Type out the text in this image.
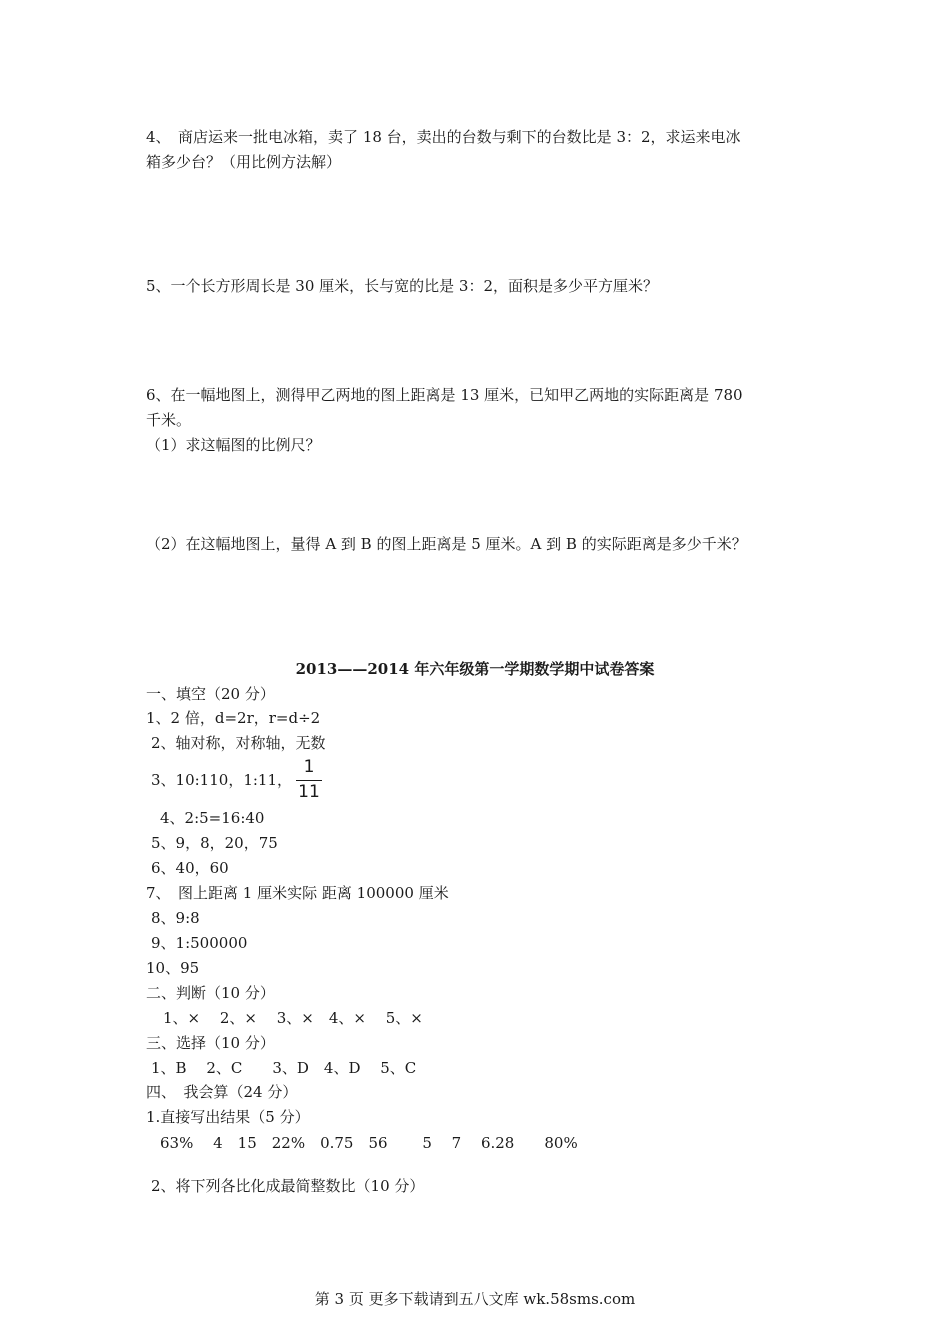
4、　商店运来一批电冰箱，卖了 18 台，卖出的台数与剩下的台数比是 3：2，求运来电冰
箱多少台？（用比例方法解）
5、一个长方形周长是 30 厘米，长与宽的比是 3：2，面积是多少平方厘米？
6、在一幅地图上，测得甲乙两地的图上距离是 13 厘米，已知甲乙两地的实际距离是 780
千米。
（1）求这幅图的比例尺？
（2）在这幅地图上，量得 A 到 B 的图上距离是 5 厘米。A 到 B 的实际距离是多少千米？
2013——2014 年六年级第一学期数学期中试卷答案
一、填空（20 分）
1、2 倍，d=2r，r=d÷2
2、轴对称，对称轴，无数
3、10:110，1:11，
1
11
4、2:5=16:40
5、9，8，20，75
6、40，60
7、　图上距离 1 厘米实际 距离 100000 厘米
8、9:8
9、1:500000
10、95
二、判断（10 分）
1、×　 2、×　 3、×　4、×　 5、×
三、选择（10 分）
1、B　 2、C　　3、D　4、D　 5、C
四、　我会算（24 分）
1.直接写出结果（5 分）
63%　 4　15　22%　0.75　56　　 5　 7　 6.28　　80%
2、将下列各比化成最简整数比（10 分）
第 3 页 更多下载请到五八文库 wk.58sms.com
